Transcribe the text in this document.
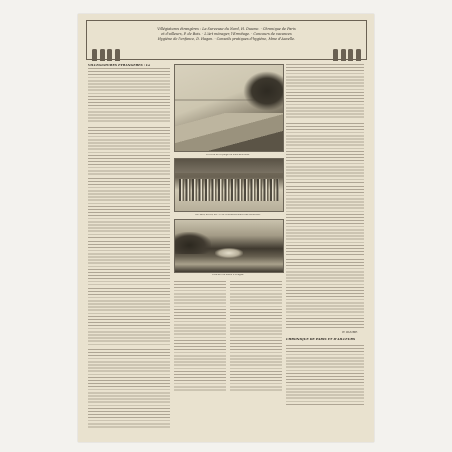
Villégiatures étrangères : La Surveuse du Nord, H. Duume. · Chronique de Paris
et d'ailleurs, P. de Bois. · L'Art ménager, l'Ermitage. · Concours de vacances
Hygiène de l'enfance, D. Hagon. · Conseils pratiques d'hygiène, Mme d'Auvelle.
VILLÉGIATURES ÉTRANGÈRES : La
Un coin de la plage de Knocke-Zoute.
De Wan, au Zil, Zil. — Le commencement des vacances.
Coucher de soleil à Bruges.
H. DUUME.
CHRONIQUE DE PARIS ET D'AILLEURS
